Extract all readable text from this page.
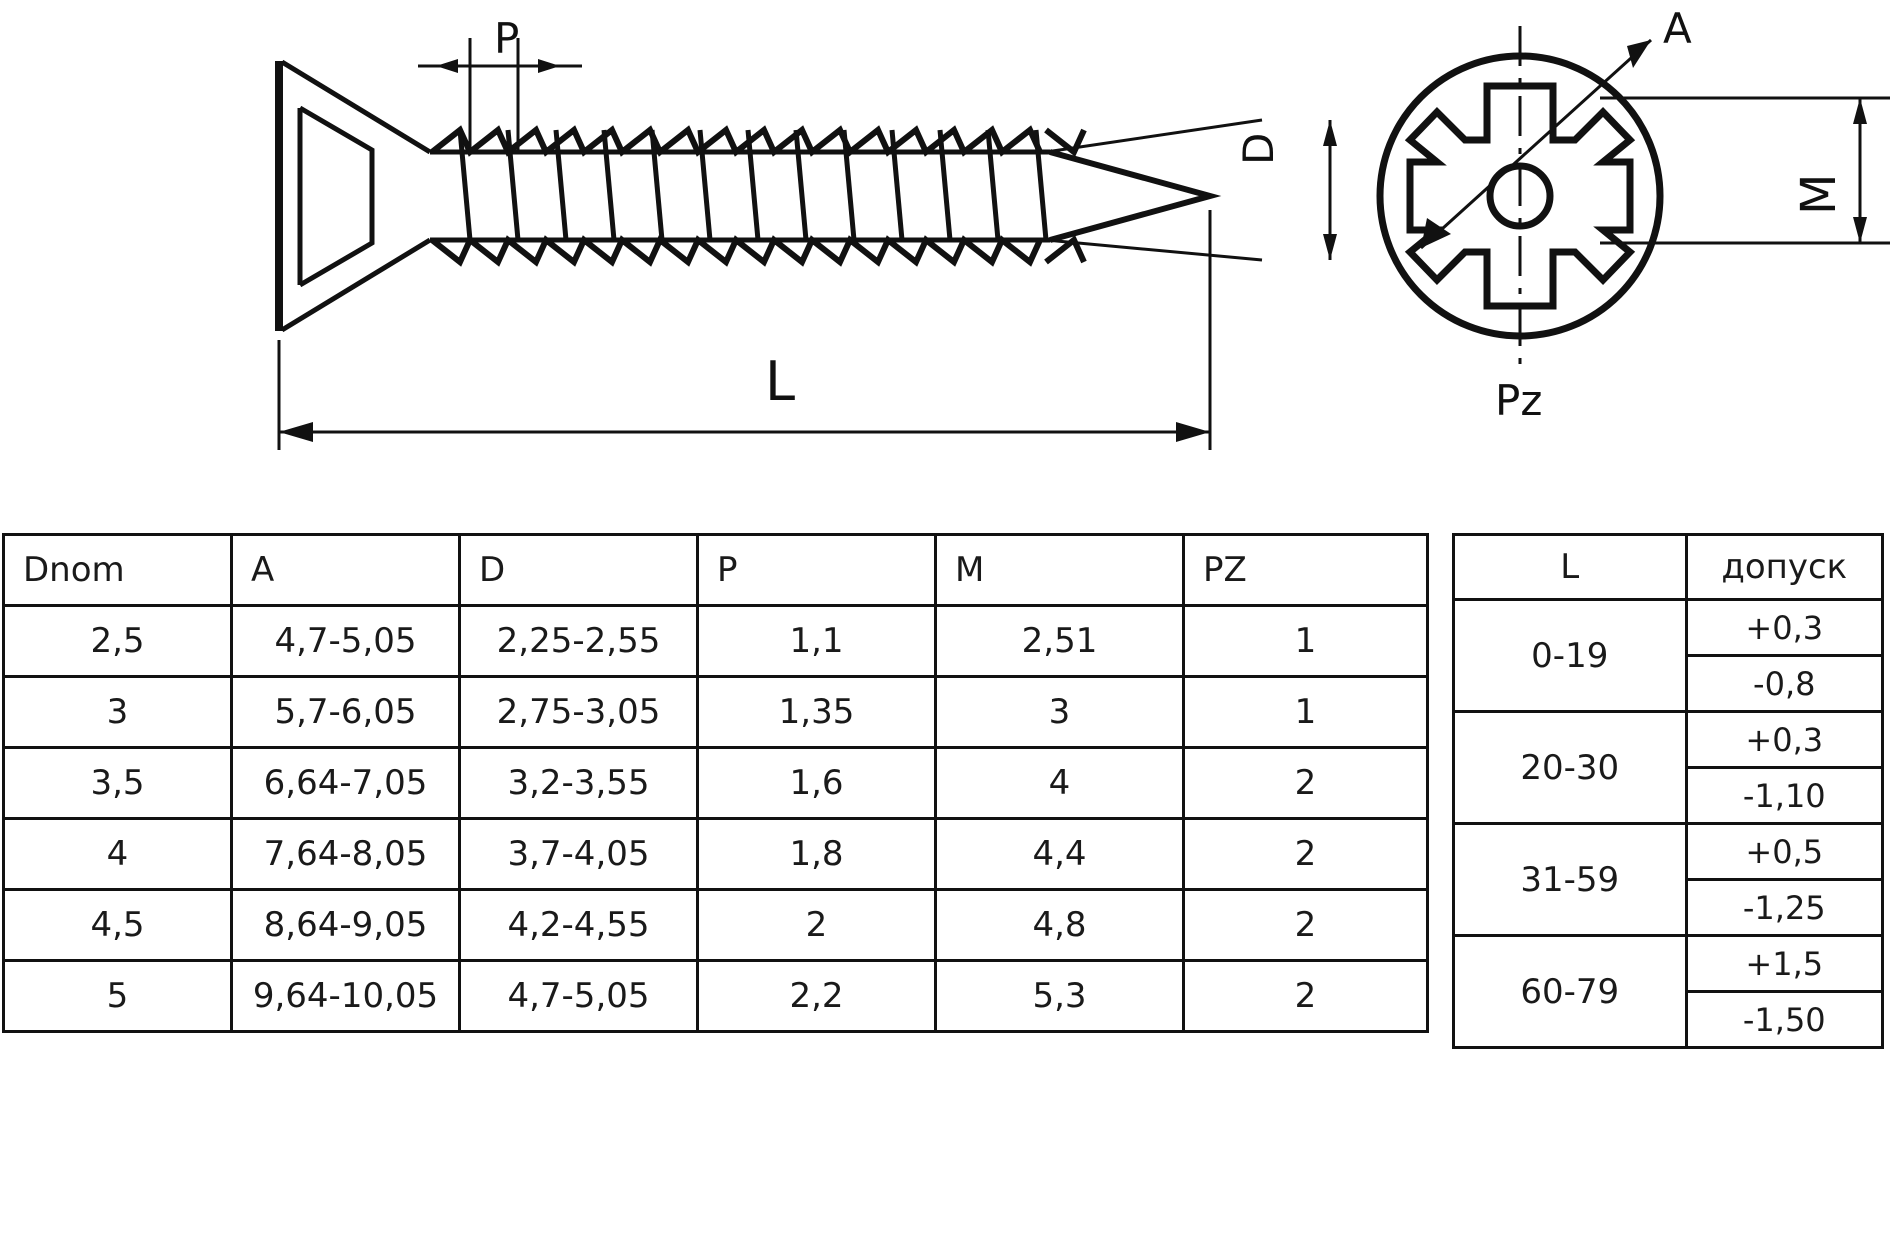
P
L
D
A
M
Pz
Dnom	A	D	P	M	PZ
2,5	4,7-5,05	2,25-2,55	1,1	2,51	1
3	5,7-6,05	2,75-3,05	1,35	3	1
3,5	6,64-7,05	3,2-3,55	1,6	4	2
4	7,64-8,05	3,7-4,05	1,8	4,4	2
4,5	8,64-9,05	4,2-4,55	2	4,8	2
5	9,64-10,05	4,7-5,05	2,2	5,3	2
L	допуск
0-19	+0,3
	-0,8
20-30	+0,3
	-1,10
31-59	+0,5
	-1,25
60-79	+1,5
	-1,50
